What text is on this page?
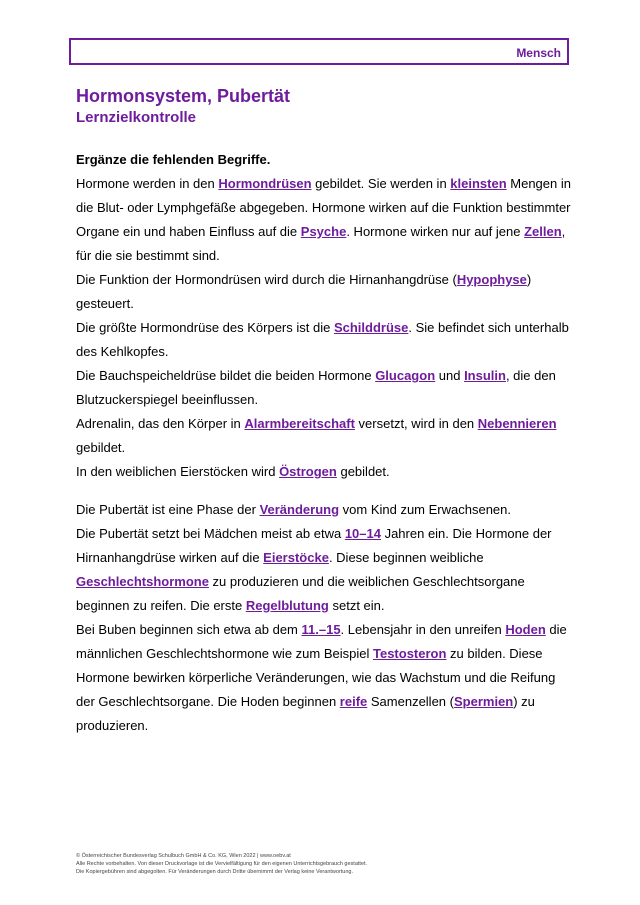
Mensch
Hormonsystem, Pubertät
Lernzielkontrolle
Ergänze die fehlenden Begriffe.

Hormone werden in den Hormondrüsen gebildet. Sie werden in kleinsten Mengen in die Blut- oder Lymphgefäße abgegeben. Hormone wirken auf die Funktion bestimmter Organe ein und haben Einfluss auf die Psyche. Hormone wirken nur auf jene Zellen, für die sie bestimmt sind.

Die Funktion der Hormondrüsen wird durch die Hirnanhangdrüse (Hypophyse) gesteuert.

Die größte Hormondrüse des Körpers ist die Schilddrüse. Sie befindet sich unterhalb des Kehlkopfes.

Die Bauchspeicheldrüse bildet die beiden Hormone Glucagon und Insulin, die den Blutzuckerspiegel beeinflussen.

Adrenalin, das den Körper in Alarmbereitschaft versetzt, wird in den Nebennieren gebildet.

In den weiblichen Eierstöcken wird Östrogen gebildet.

Die Pubertät ist eine Phase der Veränderung vom Kind zum Erwachsenen.

Die Pubertät setzt bei Mädchen meist ab etwa 10–14 Jahren ein. Die Hormone der Hirnanhangdrüse wirken auf die Eierstöcke. Diese beginnen weibliche Geschlechtshormone zu produzieren und die weiblichen Geschlechtsorgane beginnen zu reifen. Die erste Regelblutung setzt ein.

Bei Buben beginnen sich etwa ab dem 11.–15. Lebensjahr in den unreifen Hoden die männlichen Geschlechtshormone wie zum Beispiel Testosteron zu bilden. Diese Hormone bewirken körperliche Veränderungen, wie das Wachstum und die Reifung der Geschlechtsorgane. Die Hoden beginnen reife Samenzellen (Spermien) zu produzieren.

© Österreichischer Bundesverlag Schulbuch GmbH & Co. KG, Wien 2022 | www.oebv.at
Alle Rechte vorbehalten. Von dieser Druckvorlage ist die Vervielfältigung für den eigenen Unterrichtsgebrauch gestattet.
Die Kopiergebühren sind abgegolten. Für Veränderungen durch Dritte übernimmt der Verlag keine Verantwortung.
